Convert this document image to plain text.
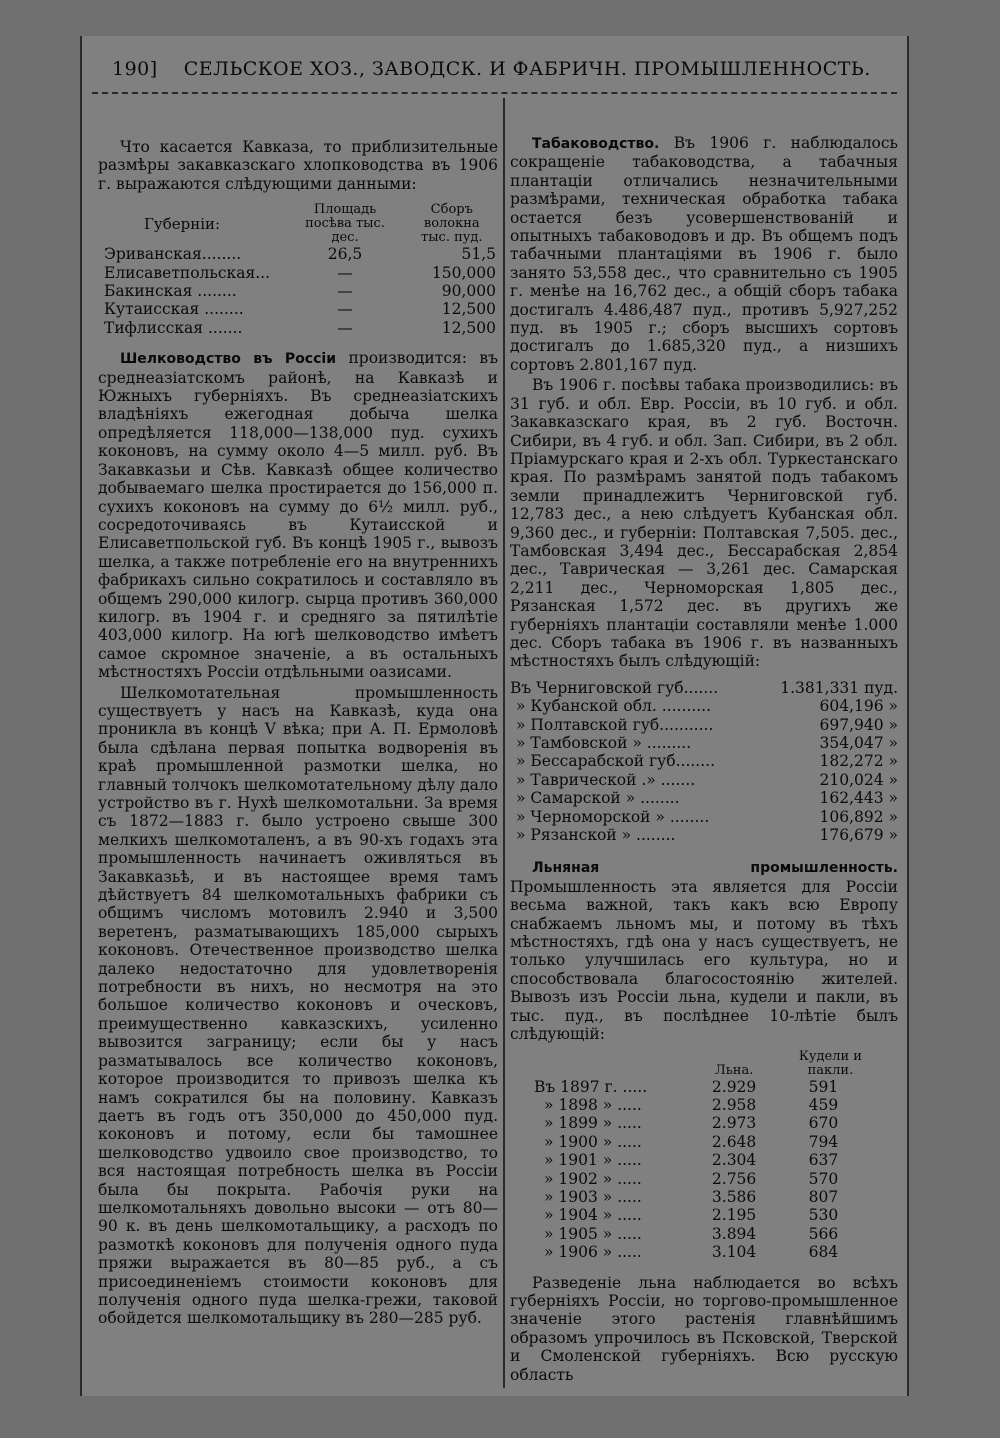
190] СЕЛЬСКОЕ ХОЗ., ЗАВОДСК. И ФАБРИЧН. ПРОМЫШЛЕННОСТЬ.

Что касается Кавказа, то приблизительные размѣры закавказскаго хлопководства въ 1906 г. выражаются слѣдующими данными:

Губерніи:	Площадь посѣва тыс. дес.	Сборъ волокна тыс. пуд.
Эриванская........	26,5	51,5
Елисаветпольская...	—	150,000
Бакинская ........	—	90,000
Кутаисская ........	—	12,500
Тифлисская .......	—	12,500

Шелководство въ Россіи производится: въ среднеазіатскомъ районѣ, на Кавказѣ и Южныхъ губерніяхъ. Въ среднеазіатскихъ владѣніяхъ ежегодная добыча шелка опредѣляется 118,000—138,000 пуд. сухихъ коконовъ, на сумму около 4—5 милл. руб. Въ Закавказьи и Сѣв. Кавказѣ общее количество добываемаго шелка простирается до 156,000 п. сухихъ коконовъ на сумму до 6½ милл. руб., сосредоточиваясь въ Кутаисской и Елисаветпольской губ. Въ концѣ 1905 г., вывозъ шелка, а также потребленіе его на внутреннихъ фабрикахъ сильно сократилось и составляло въ общемъ 290,000 килогр. сырца противъ 360,000 килогр. въ 1904 г. и средняго за пятилѣтіе 403,000 килогр. На югѣ шелководство имѣетъ самое скромное значеніе, а въ остальныхъ мѣстностяхъ Россіи отдѣльными оазисами.

Шелкомотательная промышленность существуетъ у насъ на Кавказѣ, куда она проникла въ концѣ V вѣка; при А. П. Ермоловѣ была сдѣлана первая попытка водворенія въ краѣ промышленной размотки шелка, но главный толчокъ шелкомотательному дѣлу дало устройство въ г. Нухѣ шелкомотальни. За время съ 1872—1883 г. было устроено свыше 300 мелкихъ шелкомоталенъ, а въ 90-хъ годахъ эта промышленность начинаетъ оживляться въ Закавказьѣ, и въ настоящее время тамъ дѣйствуетъ 84 шелкомотальныхъ фабрики съ общимъ числомъ мотовилъ 2.940 и 3,500 веретенъ, разматывающихъ 185,000 сырыхъ коконовъ. Отечественное производство шелка далеко недостаточно для удовлетворенія потребности въ нихъ, но несмотря на это большое количество коконовъ и оческовъ, преимущественно кавказскихъ, усиленно вывозится заграницу; если бы у насъ разматывалось все количество коконовъ, которое производится то привозъ шелка къ намъ сократился бы на половину. Кавказъ даетъ въ годъ отъ 350,000 до 450,000 пуд. коконовъ и потому, если бы тамошнее шелководство удвоило свое производство, то вся настоящая потребность шелка въ Россіи была бы покрыта. Рабочія руки на шелкомотальняхъ довольно высоки — отъ 80—90 к. въ день шелкомотальщику, а расходъ по размоткѣ коконовъ для полученія одного пуда пряжи выражается въ 80—85 руб., а съ присоединеніемъ стоимости коконовъ для полученія одного пуда шелка-грежи, таковой обойдется шелкомотальщику въ 280—285 руб.

Табаководство. Въ 1906 г. наблюдалось сокращеніе табаководства, а табачныя плантаціи отличались незначительными размѣрами, техническая обработка табака остается безъ усовершенствованій и опытныхъ табаководовъ и др. Въ общемъ подъ табачными плантаціями въ 1906 г. было занято 53,558 дес., что сравнительно съ 1905 г. менѣе на 16,762 дес., а общій сборъ табака достигалъ 4.486,487 пуд., противъ 5,927,252 пуд. въ 1905 г.; сборъ высшихъ сортовъ достигалъ до 1.685,320 пуд., а низшихъ сортовъ 2.801,167 пуд.

Въ 1906 г. посѣвы табака производились: въ 31 губ. и обл. Евр. Россіи, въ 10 губ. и обл. Закавказскаго края, въ 2 губ. Восточн. Сибири, въ 4 губ. и обл. Зап. Сибири, въ 2 обл. Пріамурскаго края и 2-хъ обл. Туркестанскаго края. По размѣрамъ занятой подъ табакомъ земли принадлежитъ Черниговской губ. 12,783 дес., а нею слѣдуетъ Кубанская обл. 9,360 дес., и губерніи: Полтавская 7,505. дес., Тамбовская 3,494 дес., Бессарабская 2,854 дес., Таврическая — 3,261 дес. Самарская 2,211 дес., Черноморская 1,805 дес., Рязанская 1,572 дес. въ другихъ же губерніяхъ плантаціи составляли менѣе 1.000 дес. Сборъ табака въ 1906 г. въ названныхъ мѣстностяхъ былъ слѣдующій:

Въ Черниговской губ.......	1.381,331 пуд.
» Кубанской обл. ..........	604,196 »
» Полтавской губ...........	697,940 »
» Тамбовской » .........	354,047 »
» Бессарабской губ........	182,272 »
» Таврической .» .......	210,024 »
» Самарской » ........	162,443 »
» Черноморской » ........	106,892 »
» Рязанской » ........	176,679 »

Льняная промышленность. Промышленность эта является для Россіи весьма важной, такъ какъ всю Европу снабжаемъ льномъ мы, и потому въ тѣхъ мѣстностяхъ, гдѣ она у насъ существуетъ, не только улучшилась его культура, но и способствовала благосостоянію жителей. Вывозъ изъ Россіи льна, кудели и пакли, въ тыс. пуд., въ послѣднее 10-лѣтіе былъ слѣдующій:

	Льна.	Кудели и пакли.
Въ 1897 г. .....	2.929	591
» 1898 » .....	2.958	459
» 1899 » .....	2.973	670
» 1900 » .....	2.648	794
» 1901 » .....	2.304	637
» 1902 » .....	2.756	570
» 1903 » .....	3.586	807
» 1904 » .....	2.195	530
» 1905 » .....	3.894	566
» 1906 » .....	3.104	684

Разведеніе льна наблюдается во всѣхъ губерніяхъ Россіи, но торгово-промышленное значеніе этого растенія главнѣйшимъ образомъ упрочилось въ Псковской, Тверской и Смоленской губерніяхъ. Всю русскую область
